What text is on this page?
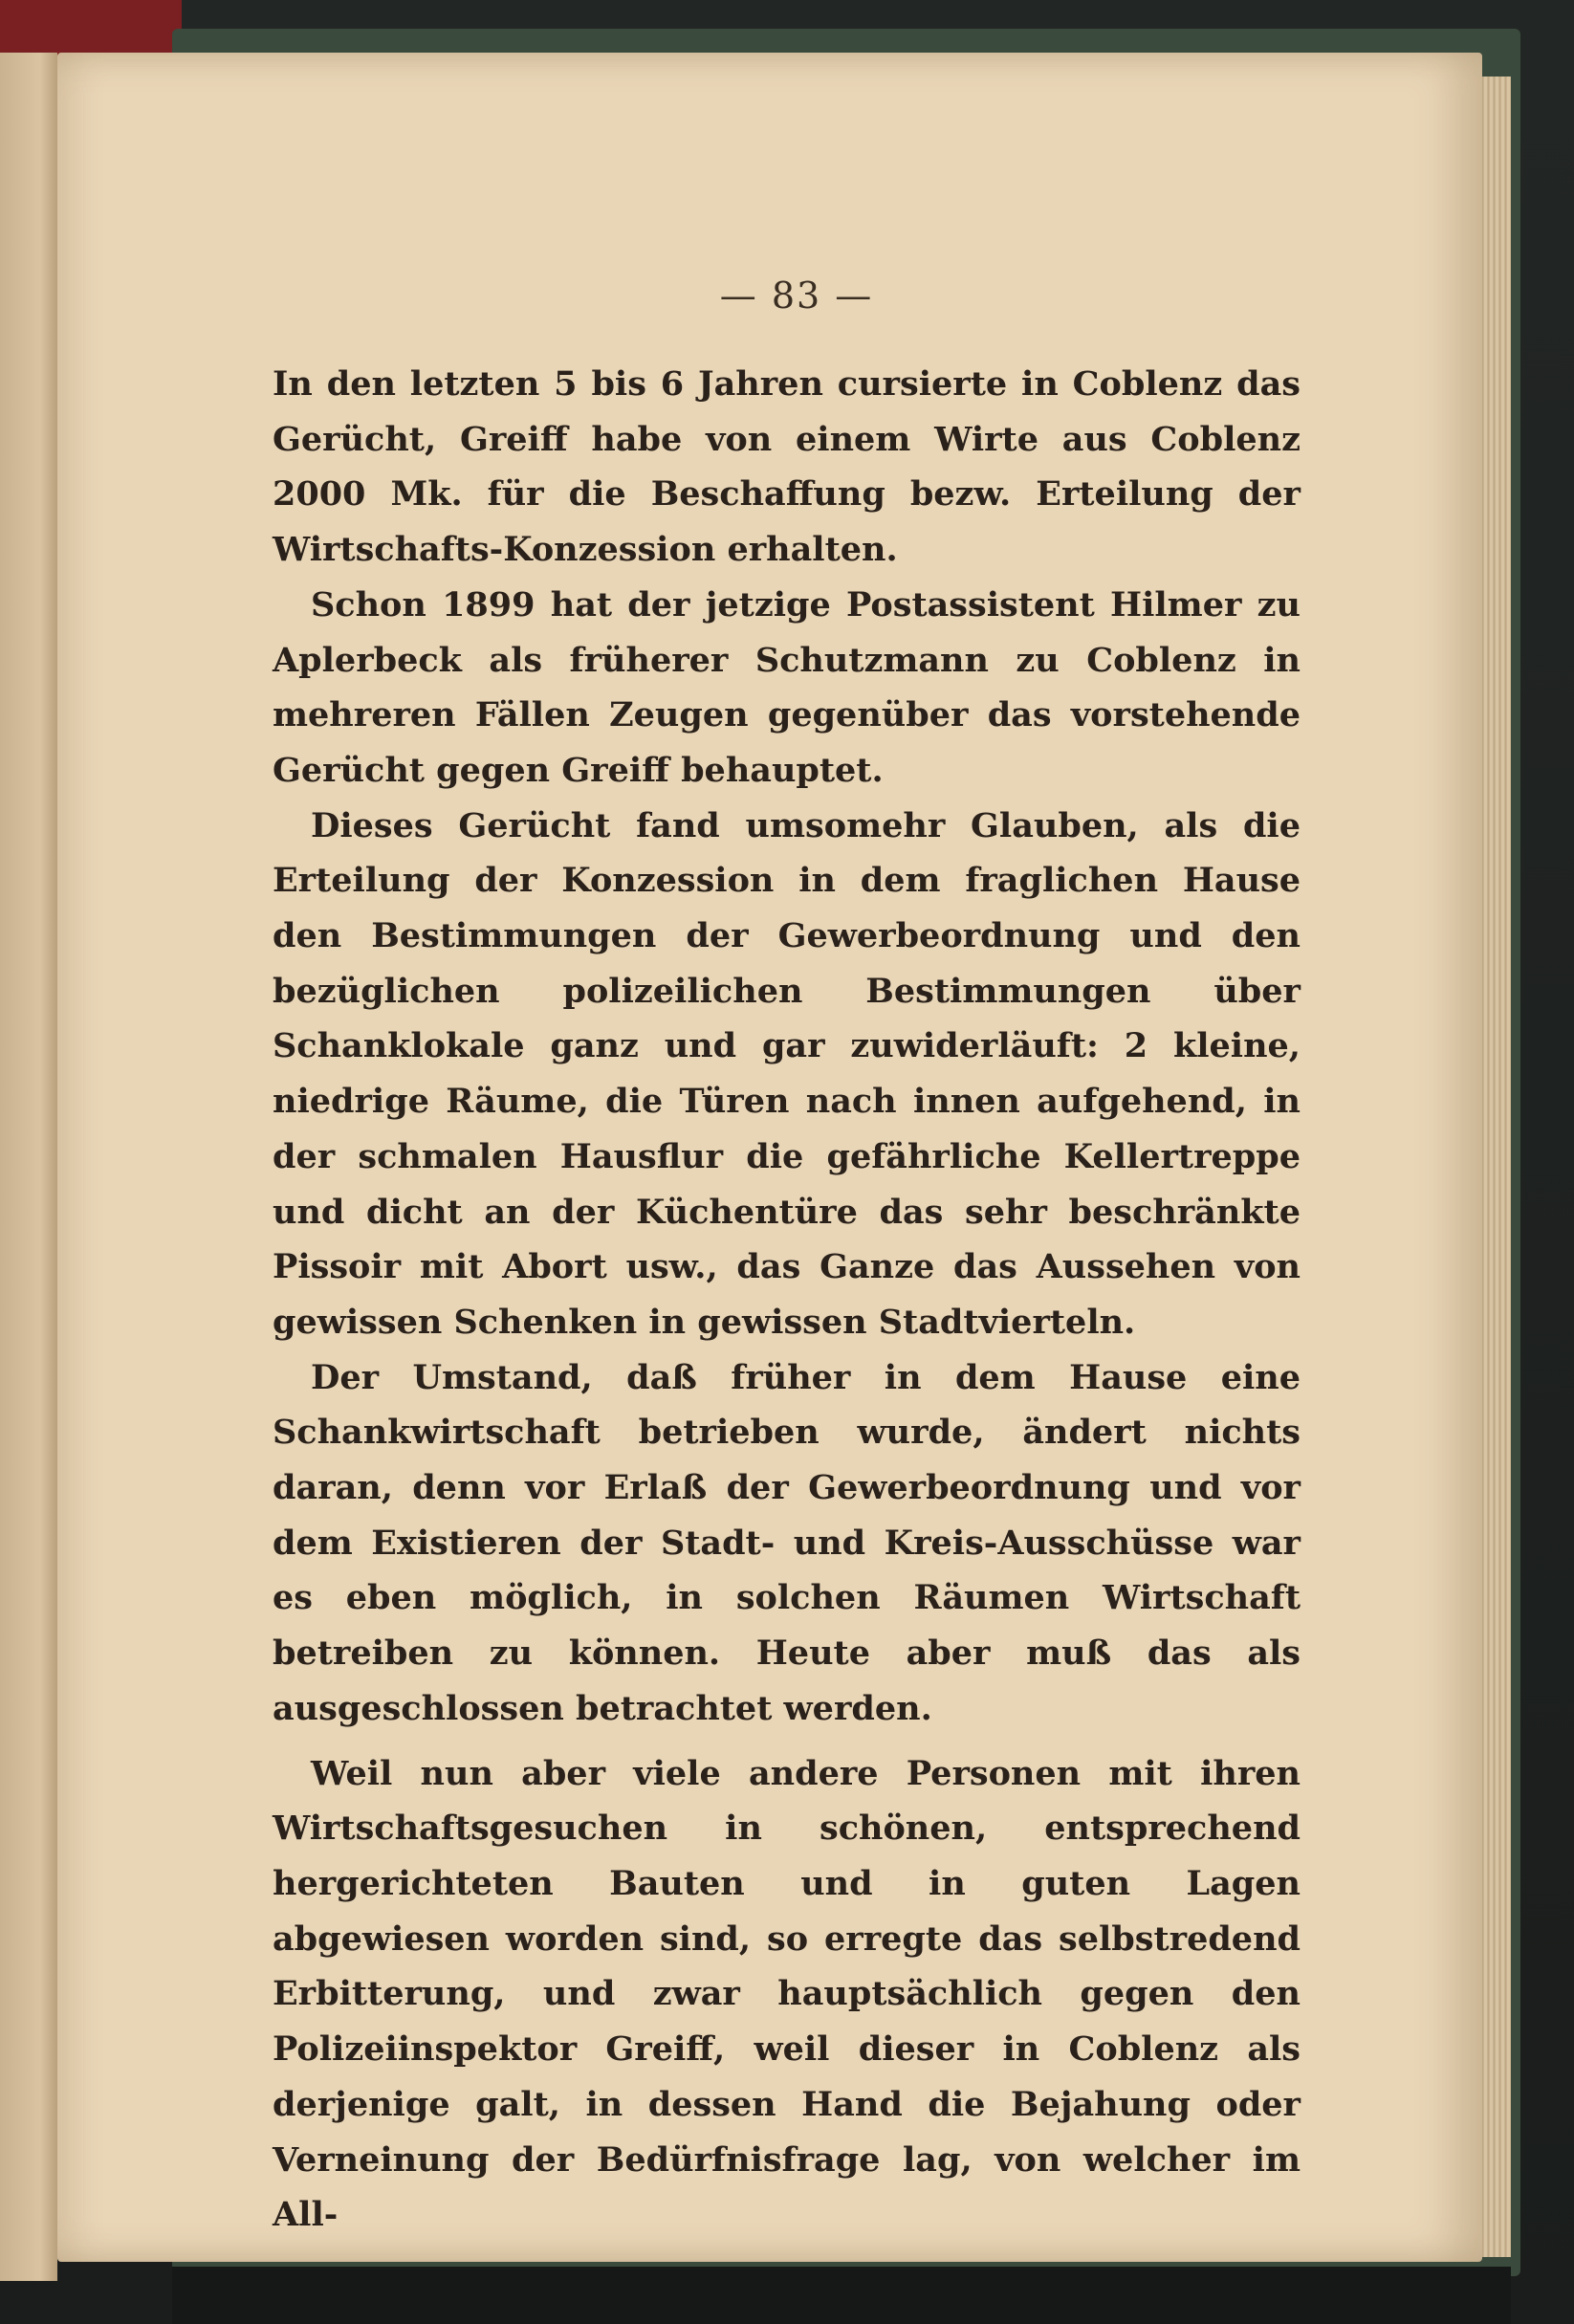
— 83 —

In den letzten 5 bis 6 Jahren cursierte in Coblenz das Gerücht, Greiff habe von einem Wirte aus Coblenz 2000 Mk. für die Beschaffung bezw. Erteilung der Wirtschafts-Konzession erhalten.

Schon 1899 hat der jetzige Postassistent Hilmer zu Aplerbeck als früherer Schutzmann zu Coblenz in mehreren Fällen Zeugen gegenüber das vorstehende Gerücht gegen Greiff behauptet.

Dieses Gerücht fand umsomehr Glauben, als die Erteilung der Konzession in dem fraglichen Hause den Bestimmungen der Gewerbeordnung und den bezüglichen polizeilichen Bestimmungen über Schanklokale ganz und gar zuwiderläuft: 2 kleine, niedrige Räume, die Türen nach innen aufgehend, in der schmalen Hausflur die gefährliche Kellertreppe und dicht an der Küchentüre das sehr beschränkte Pissoir mit Abort usw., das Ganze das Aussehen von gewissen Schenken in gewissen Stadtvierteln.

Der Umstand, daß früher in dem Hause eine Schankwirtschaft betrieben wurde, ändert nichts daran, denn vor Erlaß der Gewerbeordnung und vor dem Existieren der Stadt- und Kreis-Ausschüsse war es eben möglich, in solchen Räumen Wirtschaft betreiben zu können. Heute aber muß das als ausgeschlossen betrachtet werden.

Weil nun aber viele andere Personen mit ihren Wirtschaftsgesuchen in schönen, entsprechend hergerichteten Bauten und in guten Lagen abgewiesen worden sind, so erregte das selbstredend Erbitterung, und zwar hauptsächlich gegen den Polizeiinspektor Greiff, weil dieser in Coblenz als derjenige galt, in dessen Hand die Bejahung oder Verneinung der Bedürfnisfrage lag, von welcher im All-
